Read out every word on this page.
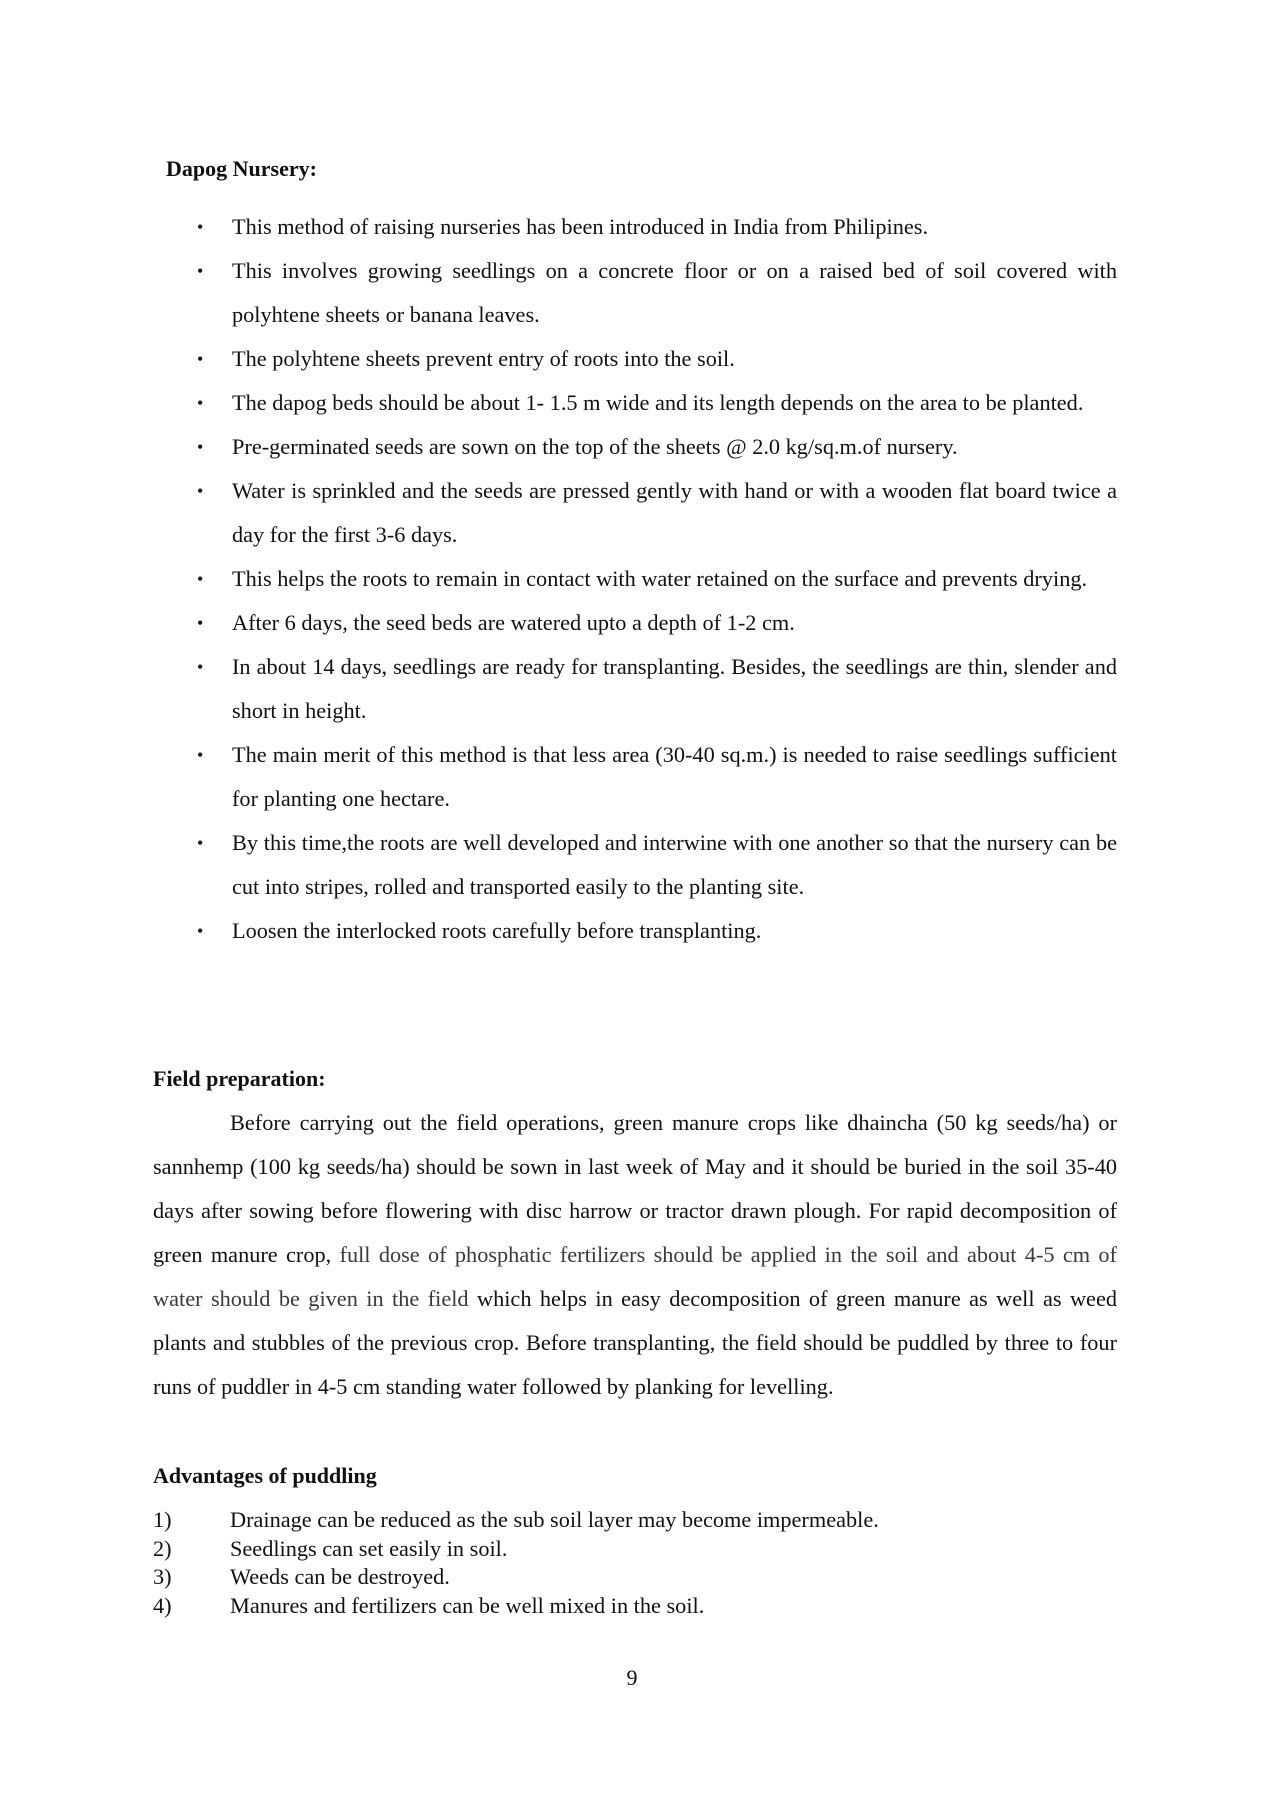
Dapog Nursery:
• This method of raising nurseries has been introduced in India from Philipines.
• This involves growing seedlings on a concrete floor or on a raised bed of soil covered with polyhtene sheets or banana leaves.
• The polyhtene sheets prevent entry of roots into the soil.
• The dapog beds should be about 1- 1.5 m wide and its length depends on the area to be planted.
• Pre-germinated seeds are sown on the top of the sheets @ 2.0 kg/sq.m.of nursery.
• Water is sprinkled and the seeds are pressed gently with hand or with a wooden flat board twice a day for the first 3-6 days.
• This helps the roots to remain in contact with water retained on the surface and prevents drying.
• After 6 days, the seed beds are watered upto a depth of 1-2 cm.
• In about 14 days, seedlings are ready for transplanting. Besides, the seedlings are thin, slender and short in height.
• The main merit of this method is that less area (30-40 sq.m.) is needed to raise seedlings sufficient for planting one hectare.
• By this time,the roots are well developed and interwine with one another so that the nursery can be cut into stripes, rolled and transported easily to the planting site.
• Loosen the interlocked roots carefully before transplanting.
Field preparation:

Before carrying out the field operations, green manure crops like dhaincha (50 kg seeds/ha) or sannhemp (100 kg seeds/ha) should be sown in last week of May and it should be buried in the soil 35-40 days after sowing before flowering with disc harrow or tractor drawn plough. For rapid decomposition of green manure crop, full dose of phosphatic fertilizers should be applied in the soil and about 4-5 cm of water should be given in the field which helps in easy decomposition of green manure as well as weed plants and stubbles of the previous crop. Before transplanting, the field should be puddled by three to four runs of puddler in 4-5 cm standing water followed by planking for levelling.

Advantages of puddling
1)	Drainage can be reduced as the sub soil layer may become impermeable.
2)	Seedlings can set easily in soil.
3)	Weeds can be destroyed.
4)	Manures and fertilizers can be well mixed in the soil.
9
